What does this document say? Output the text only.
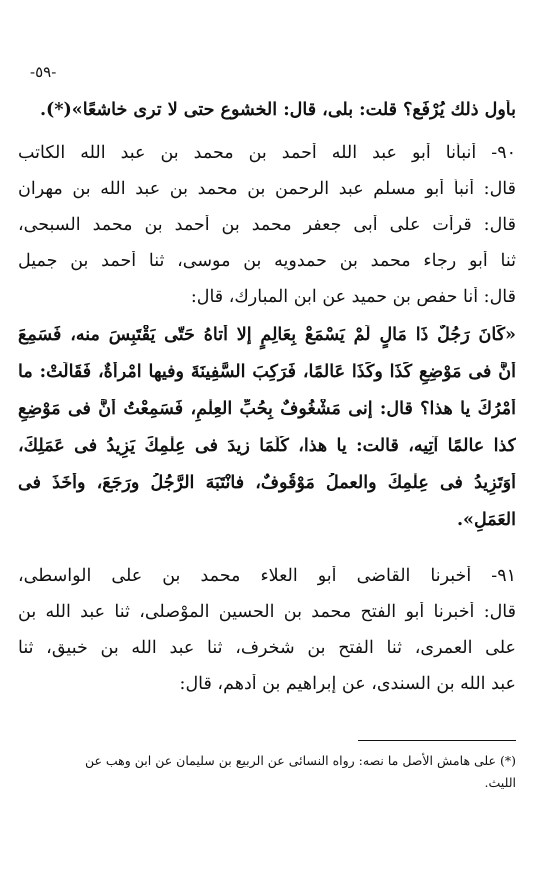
-٥٩-
بأول ذلك يُرْفَع؟ قلت: بلى، قال: الخشوع حتى لا ترى خاشعًا»(*).
٩٠- أنبأنا أبو عبد الله أحمد بن محمد بن عبد الله الكاتب
قال: أنبأ أبو مسلم عبد الرحمن بن محمد بن عبد الله بن مهران
قال: قرأت على أبى جعفر محمد بن أحمد بن محمد السبحى،
ثنا أبو رجاء محمد بن حمدويه بن موسى، ثنا أحمد بن جميل
قال: أنا حفص بن حميد عن ابن المبارك، قال:
«كَانَ رَجُلٌ ذَا مَالٍ لَمْ يَسْمَعْ بِعَالِمٍ إلا أتاهُ حَتّى يَقْتَبِسَ منه، فَسَمِعَ
أَنَّ فى مَوْضِعِ كَذَا وكَذَا عَالمًا، فَرَكِبَ السَّفِينَةَ وفيها امْرأَةٌ، فَقَالَتْ: ما
أَمْرُكَ يا هذا؟ قال: إنى مَشْغُوفٌ بِحُبِّ العِلْمِ، فَسَمِعْتُ أَنَّ فى مَوْضِعِ
كذا عالمًا آتِيه، قالت: يا هذا، كُلَّمَا زيدَ فى عِلْمِكَ يَزِيدُ فى عَمَلِكَ،
أَوَتَزِيدُ فى عِلْمِكَ والعملُ مَوْقُوفٌ، فانْتَبَهَ الرَّجُلُ ورَجَعَ، وأَخَذَ فى
العَمَلِ».
٩١- أخبرنا القاضى أبو العلاء محمد بن على الواسطى،
قال: أخبرنا أبو الفتح محمد بن الحسين الموْصلى، ثنا عبد الله بن
على العمرى، ثنا الفتح بن شخرف، ثنا عبد الله بن خبيق، ثنا
عبد الله بن السندى، عن إبراهيم بن أدهم، قال:
(*) على هامش الأصل ما نصه: رواه النسائى عن الربيع بن سليمان عن ابن وهب عن
الليث.
